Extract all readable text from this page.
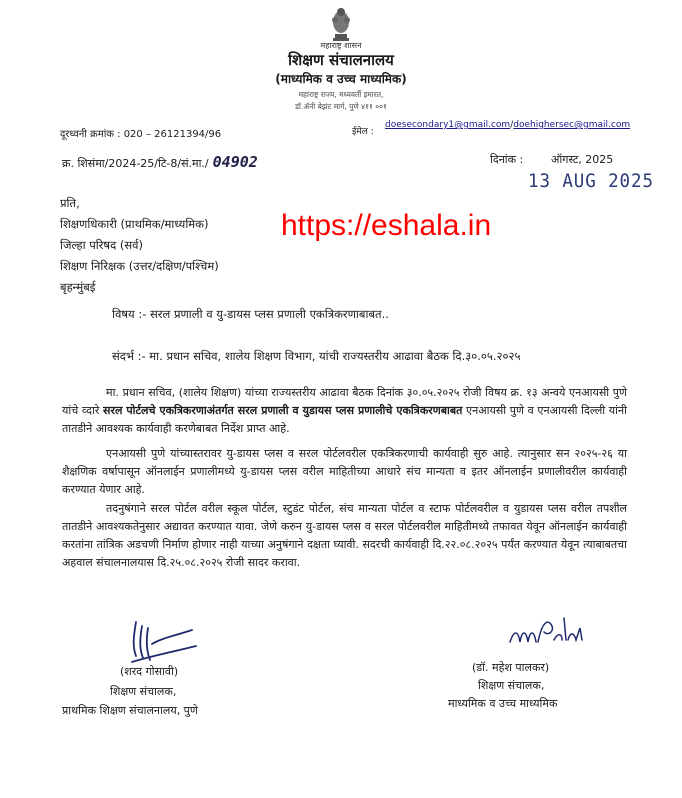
महाराष्ट्र शासन
शिक्षण संचालनालय
(माध्यमिक व उच्च माध्यमिक)
महाराष्ट्र राज्य, मध्यवर्ती इमारत,
डॉ.ॲनी बेझंट मार्ग, पुणे ४११ ००१
दूरध्वनी क्रमांक : 020 – 26121394/96	ईमेल :
doesecondary1@gmail.com/doehighersec@gmail.com
क्र. शिसंमा/2024-25/टि-8/सं.मा./ 04902	दिनांक :	ऑगस्ट, 2025
13 AUG 2025
प्रति,
शिक्षणधिकारी (प्राथमिक/माध्यमिक)
जिल्हा परिषद (सर्व)
शिक्षण निरिक्षक (उत्तर/दक्षिण/पश्चिम)
बृहन्मुंबई
https://eshala.in
विषय :- सरल प्रणाली व यु-डायस प्लस प्रणाली एकत्रिकरणाबाबत..
संदर्भ :- मा. प्रधान सचिव, शालेय शिक्षण विभाग, यांची राज्यस्तरीय आढावा बैठक दि.३०.०५.२०२५
मा. प्रधान सचिव, (शालेय शिक्षण) यांच्या राज्यस्तरीय आढावा बैठक दिनांक ३०.०५.२०२५ रोजी विषय क्र. १३ अन्वये एनआयसी पुणे यांचे व्दारे सरल पोर्टलचे एकत्रिकरणाअंतर्गत सरल प्रणाली व युडायस प्लस प्रणालीचे एकत्रिकरणबाबत एनआयसी पुणे व एनआयसी दिल्ली यांनी तातडीने आवश्यक कार्यवाही करणेबाबत निर्देश प्राप्त आहे.
एनआयसी पुणे यांच्यास्तरावर यु-डायस प्लस व सरल पोर्टलवरील एकत्रिकरणाची कार्यवाही सुरु आहे. त्यानुसार सन २०२५-२६ या शैक्षणिक वर्षापासून ऑनलाईन प्रणालीमध्ये यु-डायस प्लस वरील माहितीच्या आधारे संच मान्यता व इतर ऑनलाईन प्रणालीवरील कार्यवाही करण्यात येणार आहे.
तदनुषंगाने सरल पोर्टल वरील स्कूल पोर्टल, स्टुडंट पोर्टल, संच मान्यता पोर्टल व स्टाफ पोर्टलवरील व युडायस प्लस वरील तपशील तातडीने आवश्यकतेनुसार अद्यावत करण्यात यावा. जेणे करुन यु-डायस प्लस व सरल पोर्टलवरील माहितीमध्ये तफावत येवून ऑनलाईन कार्यवाही करतांना तांत्रिक अडचणी निर्माण होणार नाही याच्या अनुषंगाने दक्षता घ्यावी. सदरची कार्यवाही दि.२२.०८.२०२५ पर्यंत करण्यात येवून त्याबाबतचा अहवाल संचालनालयास दि.२५.०८.२०२५ रोजी सादर करावा.
(शरद गोसावी)
शिक्षण संचालक,
प्राथमिक शिक्षण संचालनालय, पुणे
(डॉ. महेश पालकर)
शिक्षण संचालक,
माध्यमिक व उच्च माध्यमिक
